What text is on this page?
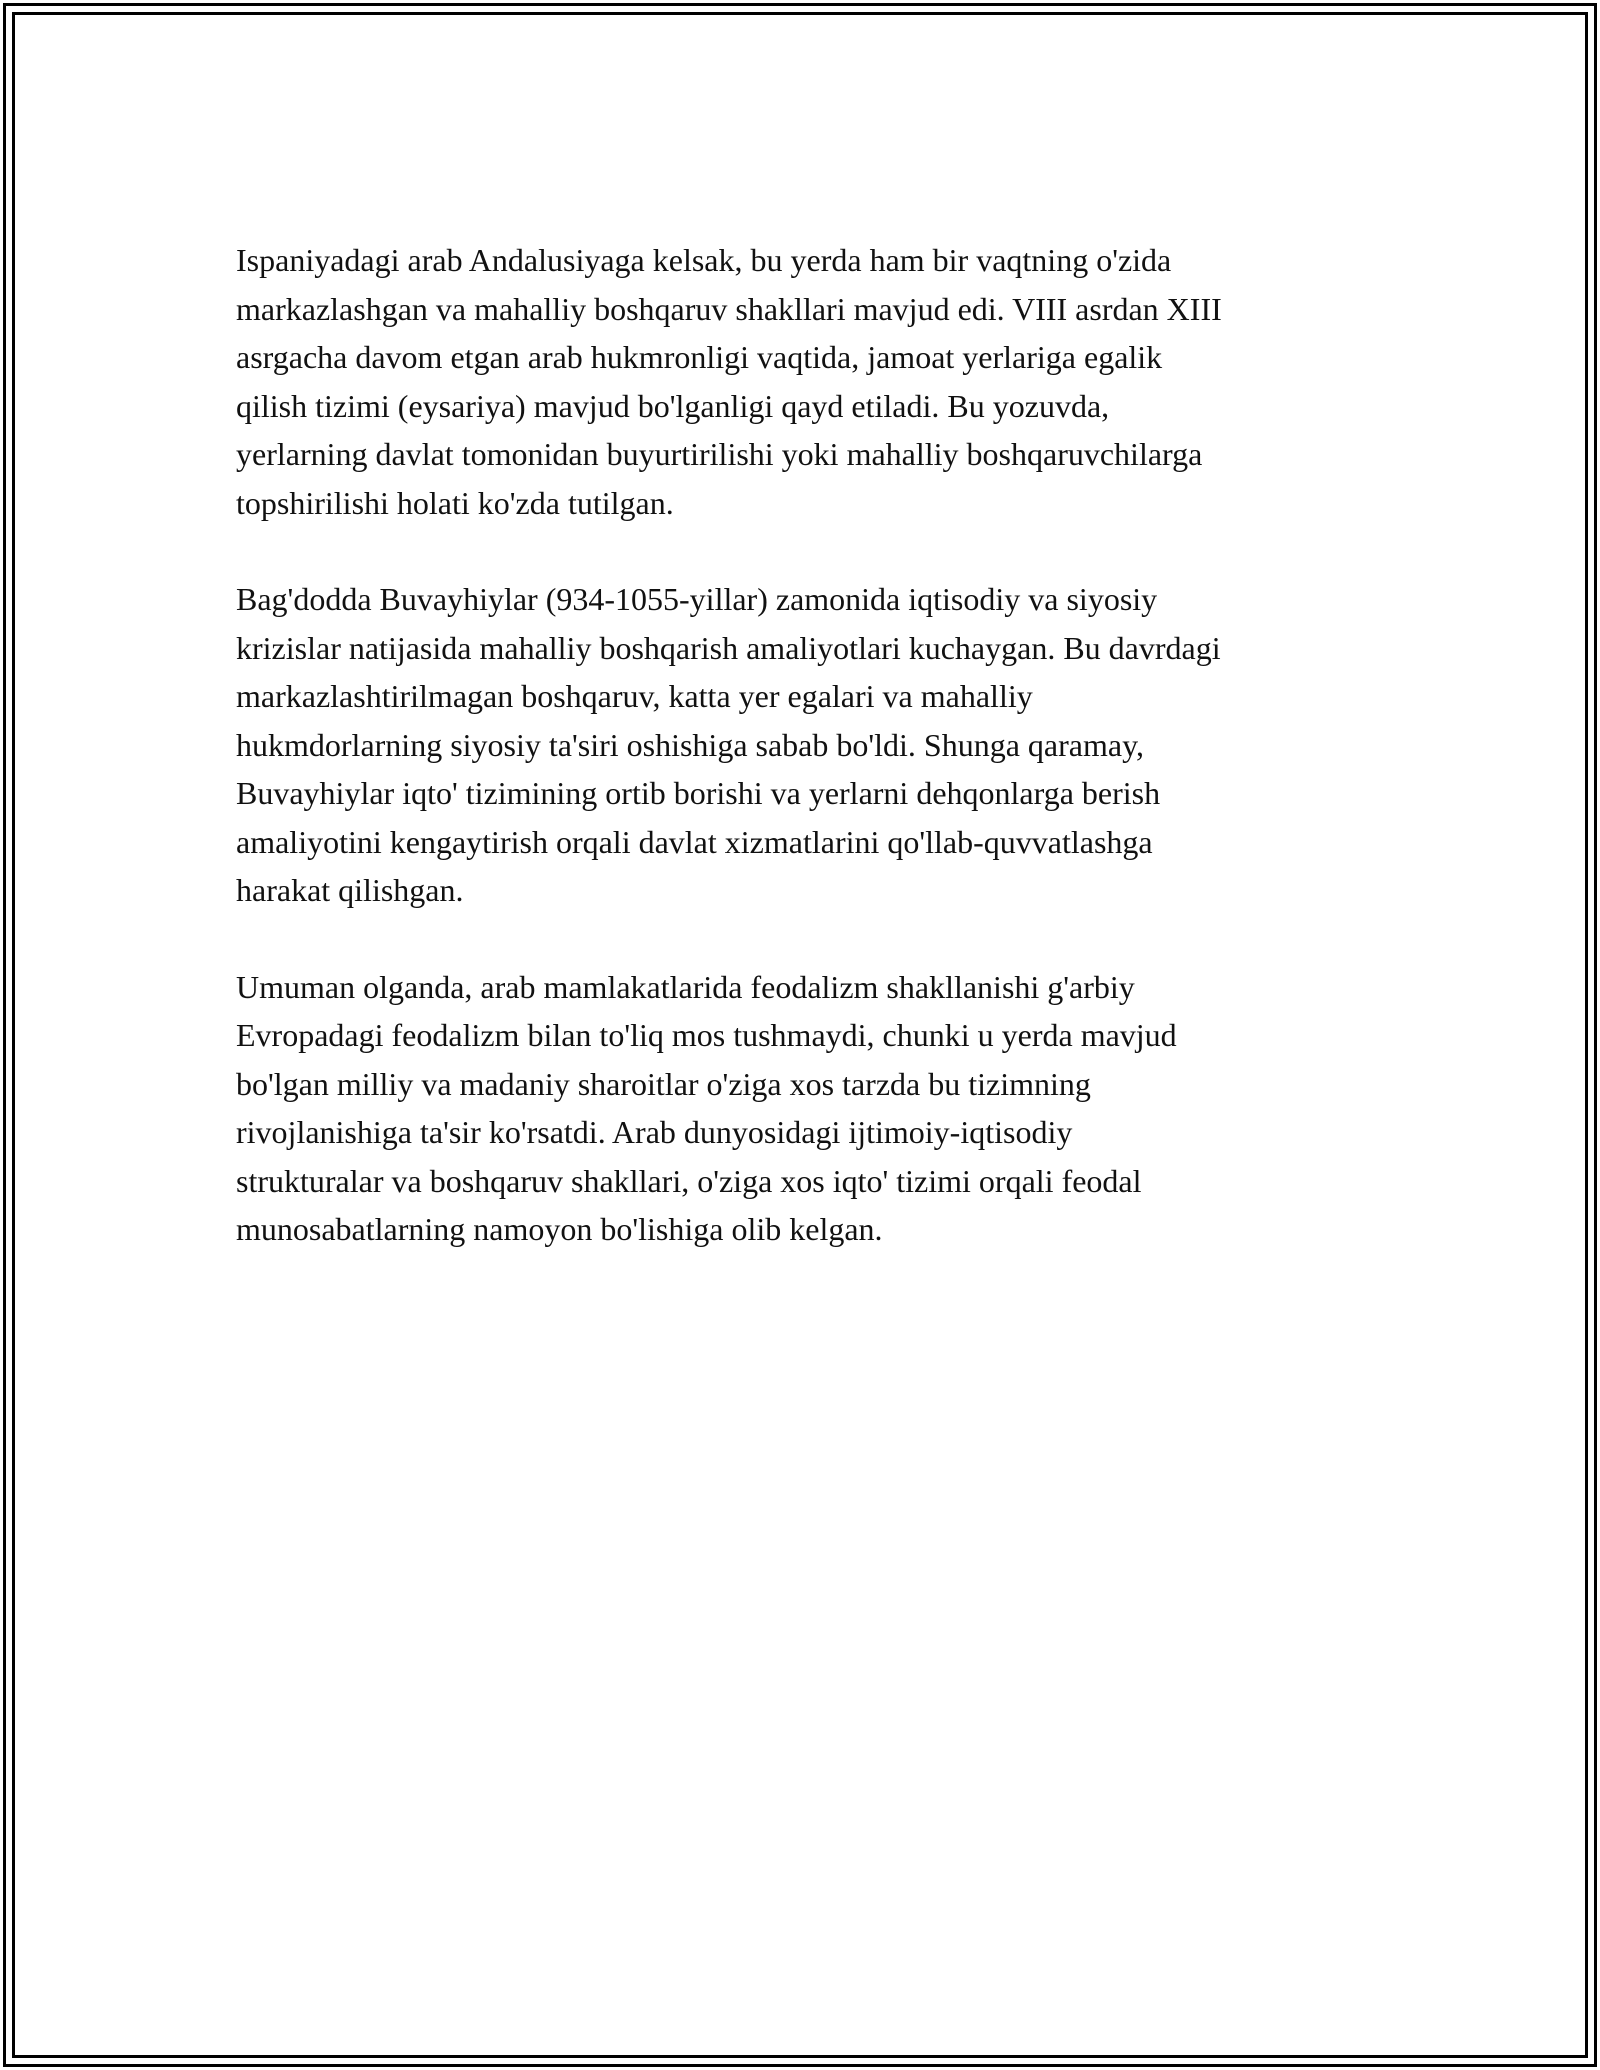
Ispaniyadagi arab Andalusiyaga kelsak, bu yerda ham bir vaqtning o'zida
markazlashgan va mahalliy boshqaruv shakllari mavjud edi. VIII asrdan XIII
asrgacha davom etgan arab hukmronligi vaqtida, jamoat yerlariga egalik
qilish tizimi (eysariya) mavjud bo'lganligi qayd etiladi. Bu yozuvda,
yerlarning davlat tomonidan buyurtirilishi yoki mahalliy boshqaruvchilarga
topshirilishi holati ko'zda tutilgan.

Bag'dodda Buvayhiylar (934-1055-yillar) zamonida iqtisodiy va siyosiy
krizislar natijasida mahalliy boshqarish amaliyotlari kuchaygan. Bu davrdagi
markazlashtirilmagan boshqaruv, katta yer egalari va mahalliy
hukmdorlarning siyosiy ta'siri oshishiga sabab bo'ldi. Shunga qaramay,
Buvayhiylar iqto' tizimining ortib borishi va yerlarni dehqonlarga berish
amaliyotini kengaytirish orqali davlat xizmatlarini qo'llab-quvvatlashga
harakat qilishgan.

Umuman olganda, arab mamlakatlarida feodalizm shakllanishi g'arbiy
Evropadagi feodalizm bilan to'liq mos tushmaydi, chunki u yerda mavjud
bo'lgan milliy va madaniy sharoitlar o'ziga xos tarzda bu tizimning
rivojlanishiga ta'sir ko'rsatdi. Arab dunyosidagi ijtimoiy-iqtisodiy
strukturalar va boshqaruv shakllari, o'ziga xos iqto' tizimi orqali feodal
munosabatlarning namoyon bo'lishiga olib kelgan.
